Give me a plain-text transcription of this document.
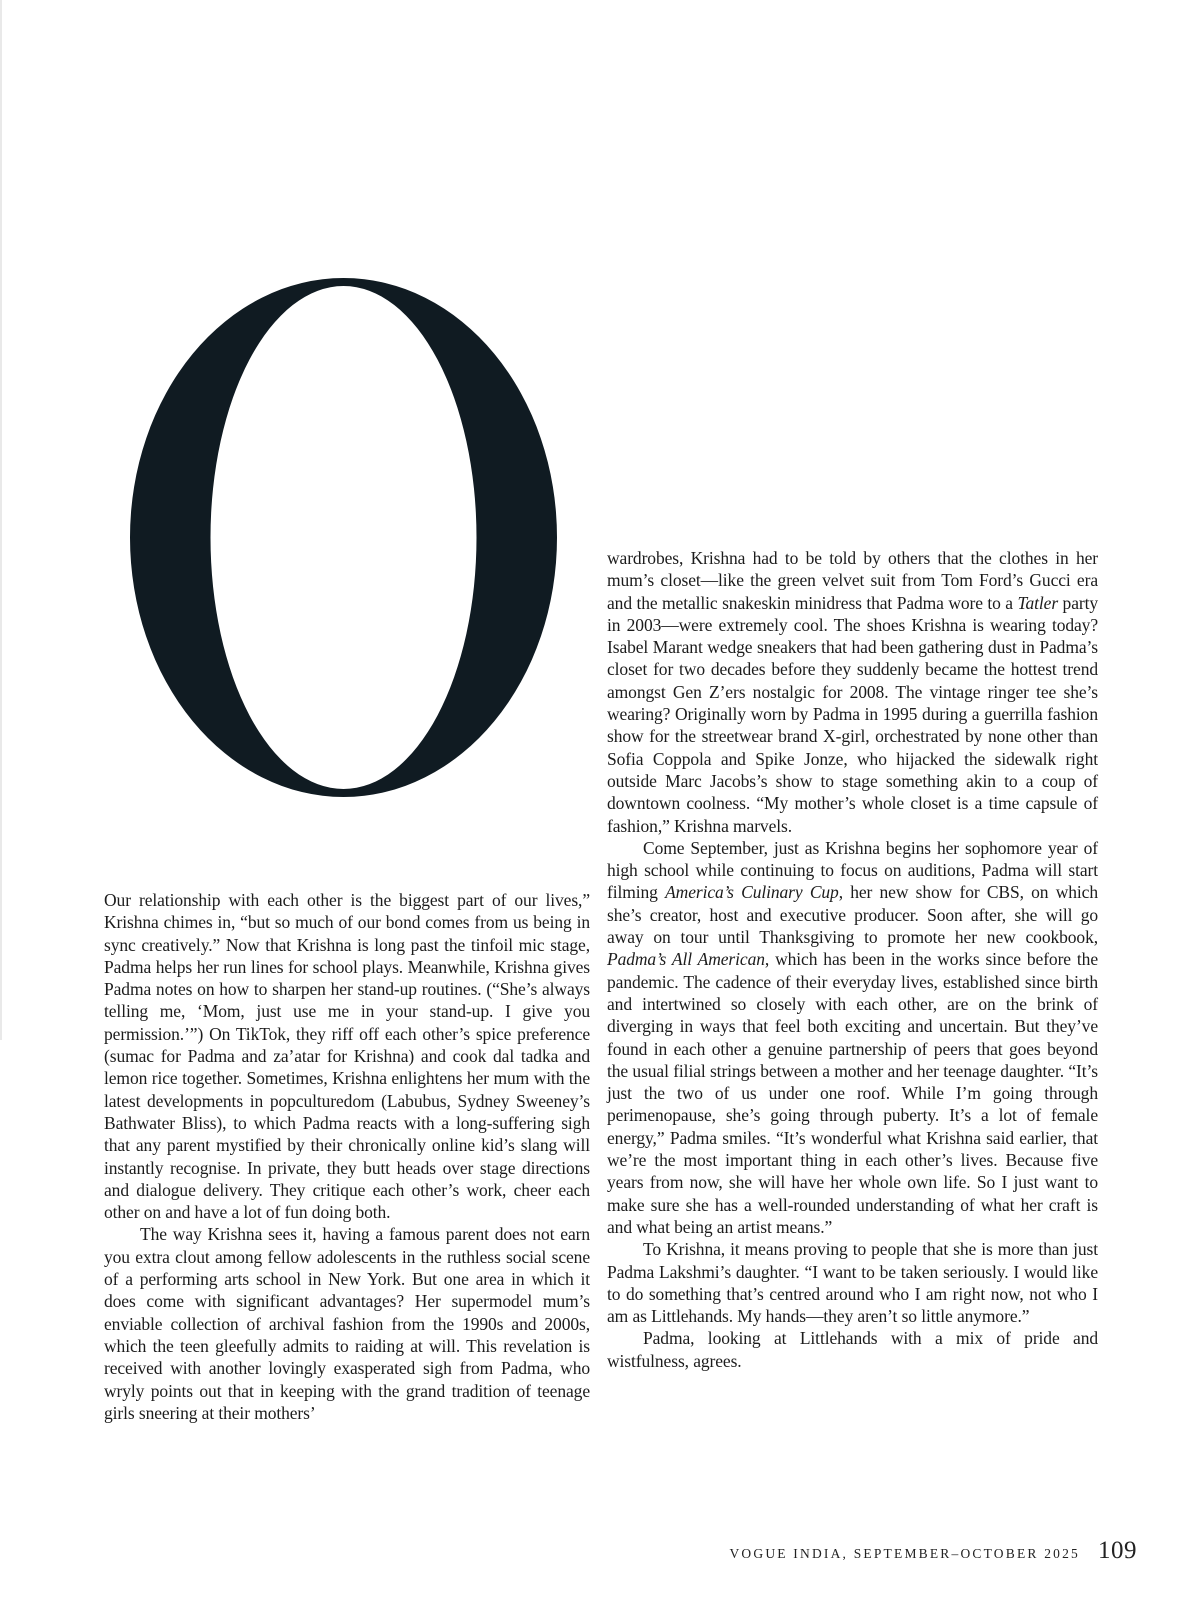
Our relationship with each other is the biggest part of our lives,” Krishna chimes in, “but so much of our bond comes from us being in sync creatively.” Now that Krishna is long past the tinfoil mic stage, Padma helps her run lines for school plays. Meanwhile, Krishna gives Padma notes on how to sharpen her stand-up routines. (“She’s always telling me, ‘Mom, just use me in your stand-up. I give you permission.’”) On TikTok, they riff off each other’s spice preference (sumac for Padma and za’atar for Krishna) and cook dal tadka and lemon rice together. Sometimes, Krishna enlightens her mum with the latest developments in popculturedom (Labubus, Sydney Sweeney’s Bathwater Bliss), to which Padma reacts with a long-suffering sigh that any parent mystified by their chronically online kid’s slang will instantly recognise. In private, they butt heads over stage directions and dialogue delivery. They critique each other’s work, cheer each other on and have a lot of fun doing both.

The way Krishna sees it, having a famous parent does not earn you extra clout among fellow adolescents in the ruthless social scene of a performing arts school in New York. But one area in which it does come with significant advantages? Her supermodel mum’s enviable collection of archival fashion from the 1990s and 2000s, which the teen gleefully admits to raiding at will. This revelation is received with another lovingly exasperated sigh from Padma, who wryly points out that in keeping with the grand tradition of teenage girls sneering at their mothers’

wardrobes, Krishna had to be told by others that the clothes in her mum’s closet—like the green velvet suit from Tom Ford’s Gucci era and the metallic snakeskin minidress that Padma wore to a Tatler party in 2003—were extremely cool. The shoes Krishna is wearing today? Isabel Marant wedge sneakers that had been gathering dust in Padma’s closet for two decades before they suddenly became the hottest trend amongst Gen Z’ers nostalgic for 2008. The vintage ringer tee she’s wearing? Originally worn by Padma in 1995 during a guerrilla fashion show for the streetwear brand X-girl, orchestrated by none other than Sofia Coppola and Spike Jonze, who hijacked the sidewalk right outside Marc Jacobs’s show to stage something akin to a coup of downtown coolness. “My mother’s whole closet is a time capsule of fashion,” Krishna marvels.

Come September, just as Krishna begins her sophomore year of high school while continuing to focus on auditions, Padma will start filming America’s Culinary Cup, her new show for CBS, on which she’s creator, host and executive producer. Soon after, she will go away on tour until Thanksgiving to promote her new cookbook, Padma’s All American, which has been in the works since before the pandemic. The cadence of their everyday lives, established since birth and intertwined so closely with each other, are on the brink of diverging in ways that feel both exciting and uncertain. But they’ve found in each other a genuine partnership of peers that goes beyond the usual filial strings between a mother and her teenage daughter. “It’s just the two of us under one roof. While I’m going through perimenopause, she’s going through puberty. It’s a lot of female energy,” Padma smiles. “It’s wonderful what Krishna said earlier, that we’re the most important thing in each other’s lives. Because five years from now, she will have her whole own life. So I just want to make sure she has a well-rounded understanding of what her craft is and what being an artist means.”

To Krishna, it means proving to people that she is more than just Padma Lakshmi’s daughter. “I want to be taken seriously. I would like to do something that’s centred around who I am right now, not who I am as Littlehands. My hands—they aren’t so little anymore.”

Padma, looking at Littlehands with a mix of pride and wistfulness, agrees.

VOGUE INDIA, SEPTEMBER–OCTOBER 2025 109
